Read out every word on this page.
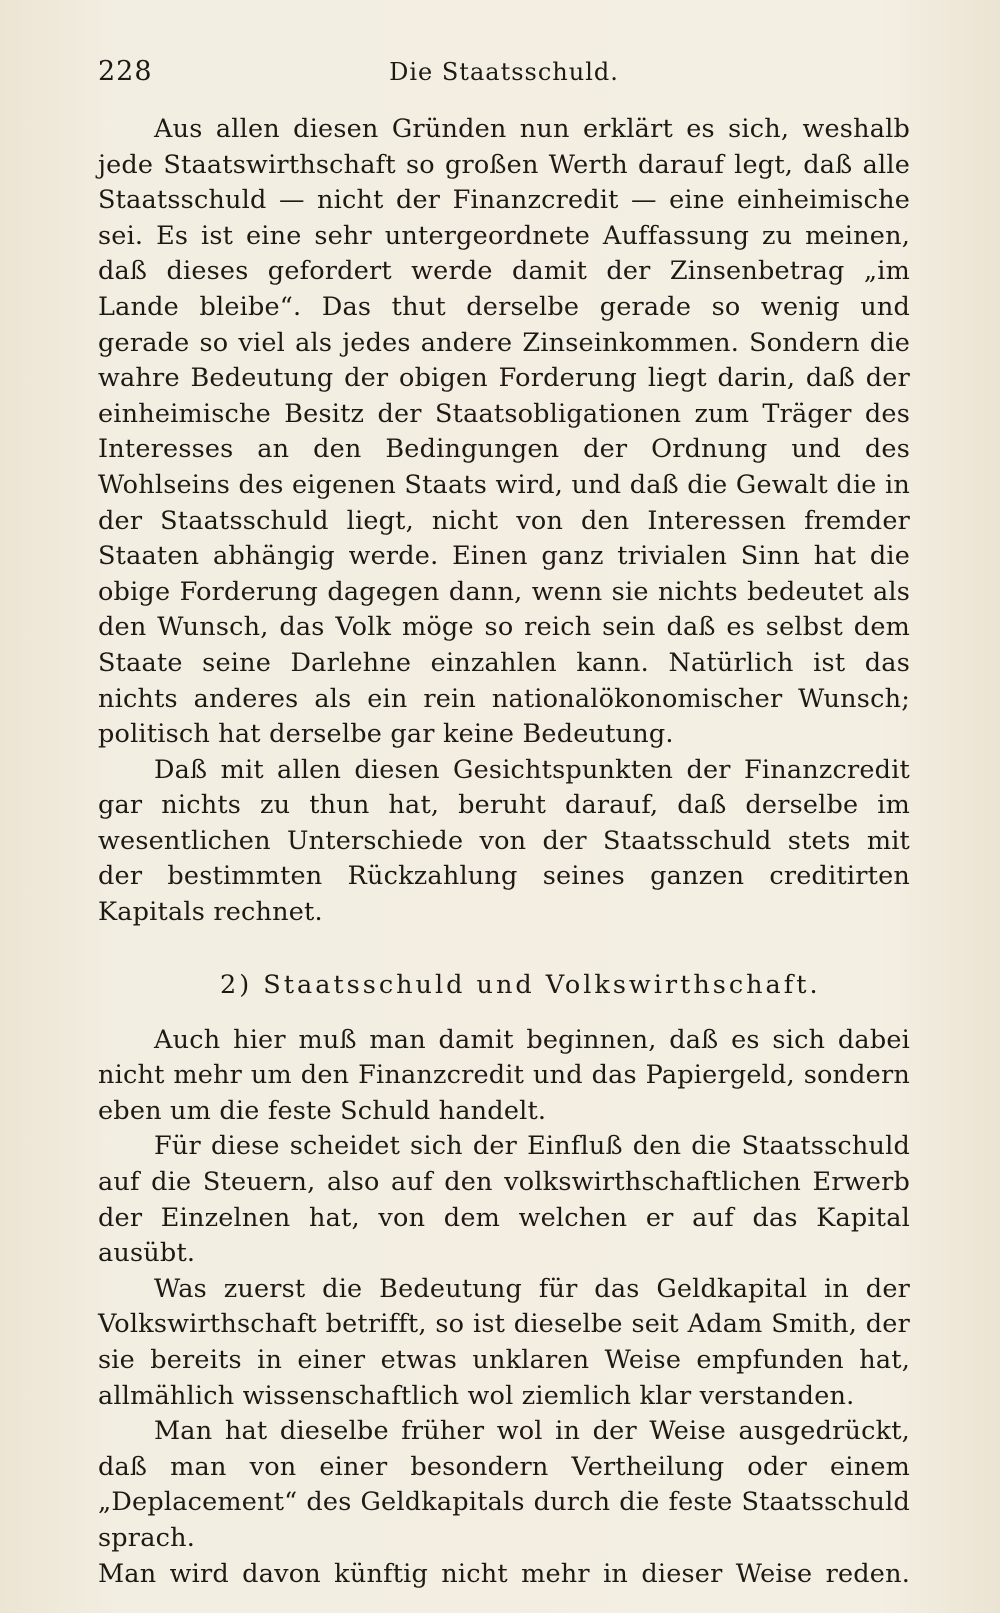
228	Die Staatsschuld.

Aus allen diesen Gründen nun erklärt es sich, weshalb jede Staatswirthschaft so großen Werth darauf legt, daß alle Staatsschuld — nicht der Finanzcredit — eine einheimische sei. Es ist eine sehr untergeordnete Auffassung zu meinen, daß dieses gefordert werde damit der Zinsenbetrag „im Lande bleibe“. Das thut derselbe gerade so wenig und gerade so viel als jedes andere Zinseinkommen. Sondern die wahre Bedeutung der obigen Forderung liegt darin, daß der einheimische Besitz der Staatsobligationen zum Träger des Interesses an den Bedingungen der Ordnung und des Wohlseins des eigenen Staats wird, und daß die Gewalt die in der Staatsschuld liegt, nicht von den Interessen fremder Staaten abhängig werde. Einen ganz trivialen Sinn hat die obige Forderung dagegen dann, wenn sie nichts bedeutet als den Wunsch, das Volk möge so reich sein daß es selbst dem Staate seine Darlehne einzahlen kann. Natürlich ist das nichts anderes als ein rein nationalökonomischer Wunsch; politisch hat derselbe gar keine Bedeutung.

Daß mit allen diesen Gesichtspunkten der Finanzcredit gar nichts zu thun hat, beruht darauf, daß derselbe im wesentlichen Unterschiede von der Staatsschuld stets mit der bestimmten Rückzahlung seines ganzen creditirten Kapitals rechnet.

2) Staatsschuld und Volkswirthschaft.

Auch hier muß man damit beginnen, daß es sich dabei nicht mehr um den Finanzcredit und das Papiergeld, sondern eben um die feste Schuld handelt.

Für diese scheidet sich der Einfluß den die Staatsschuld auf die Steuern, also auf den volkswirthschaftlichen Erwerb der Einzelnen hat, von dem welchen er auf das Kapital ausübt.

Was zuerst die Bedeutung für das Geldkapital in der Volkswirthschaft betrifft, so ist dieselbe seit Adam Smith, der sie bereits in einer etwas unklaren Weise empfunden hat, allmählich wissenschaftlich wol ziemlich klar verstanden.

Man hat dieselbe früher wol in der Weise ausgedrückt, daß man von einer besondern Vertheilung oder einem „Deplacement“ des Geldkapitals durch die feste Staatsschuld sprach.

Man wird davon künftig nicht mehr in dieser Weise reden.
